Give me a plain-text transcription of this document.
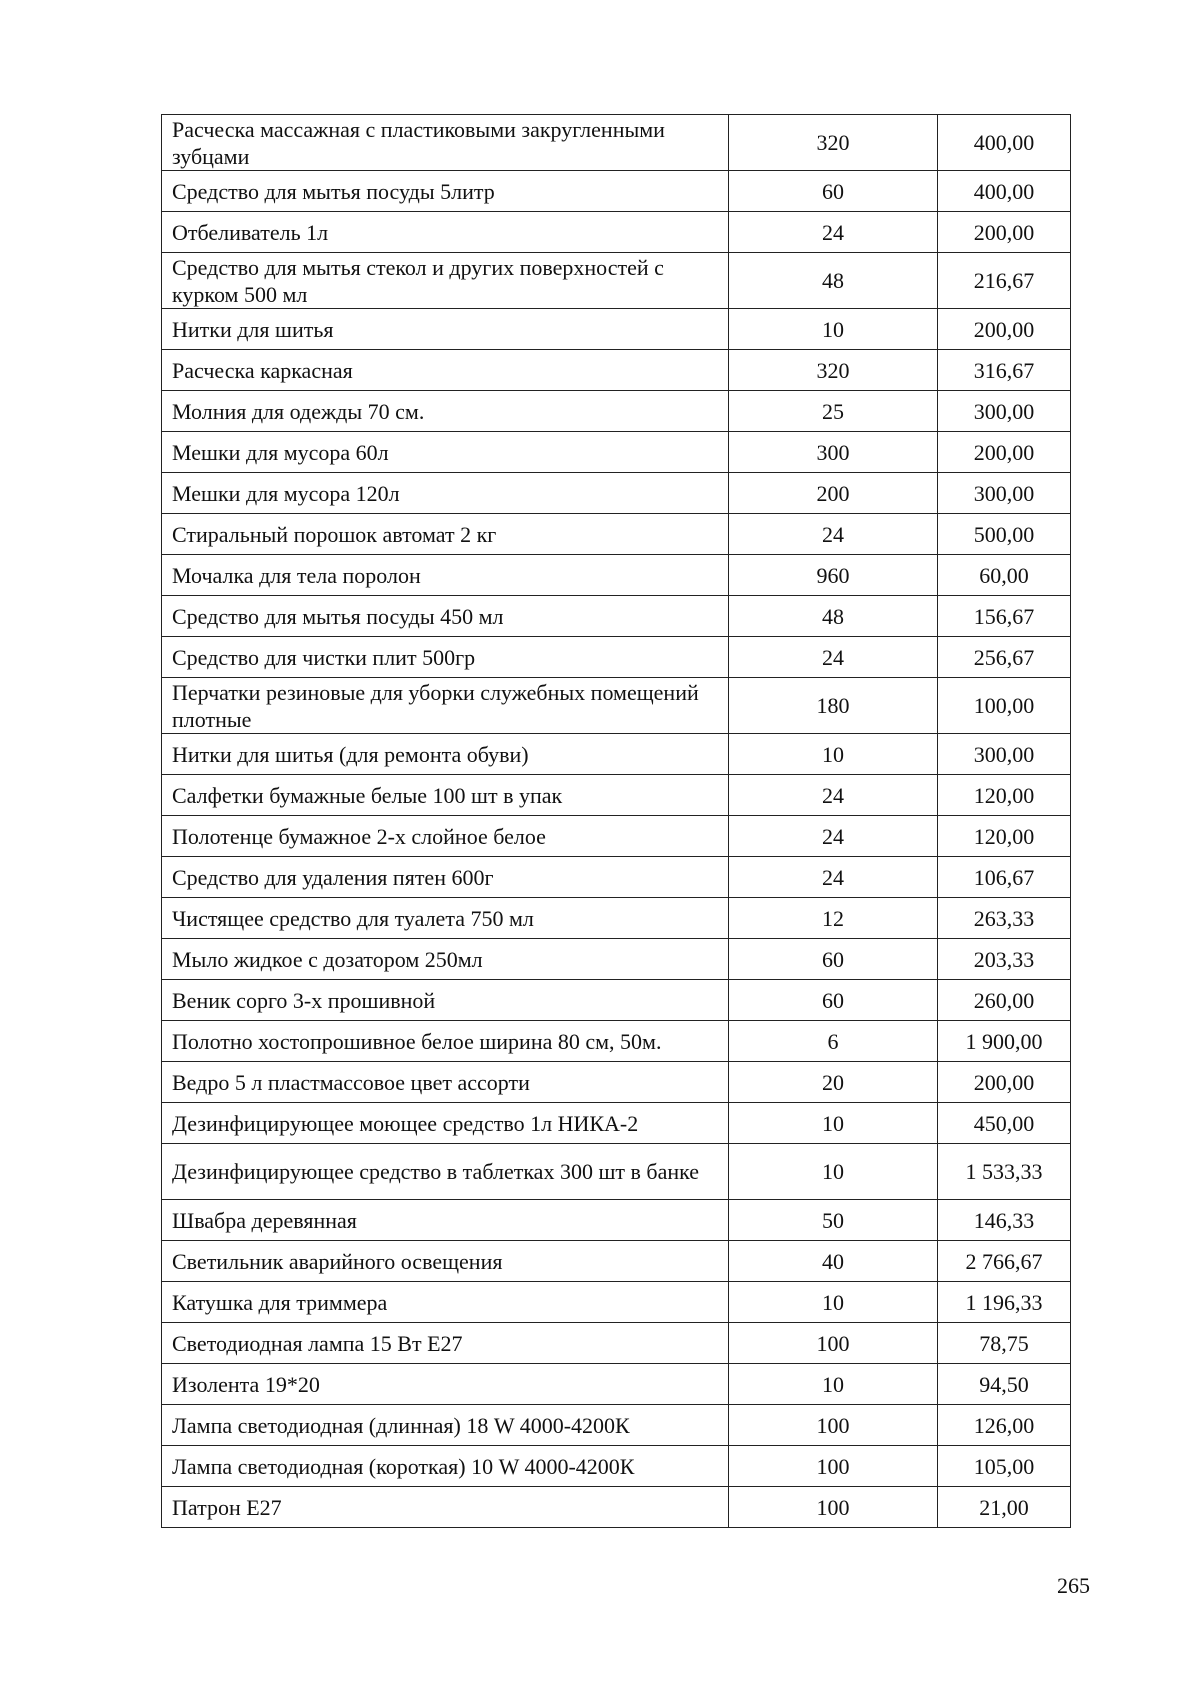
Расческа массажная с пластиковыми закругленными зубцами	320	400,00
Средство для мытья посуды 5литр	60	400,00
Отбеливатель 1л	24	200,00
Средство для мытья стекол и других поверхностей с курком 500 мл	48	216,67
Нитки для шитья	10	200,00
Расческа каркасная	320	316,67
Молния для одежды 70 см.	25	300,00
Мешки для мусора 60л	300	200,00
Мешки для мусора 120л	200	300,00
Стиральный порошок автомат 2 кг	24	500,00
Мочалка для тела поролон	960	60,00
Средство для мытья посуды 450 мл	48	156,67
Средство для чистки плит 500гр	24	256,67
Перчатки резиновые для уборки служебных помещений плотные	180	100,00
Нитки для шитья (для ремонта обуви)	10	300,00
Салфетки бумажные белые 100 шт в упак	24	120,00
Полотенце бумажное 2-х слойное белое	24	120,00
Средство для удаления пятен 600г	24	106,67
Чистящее средство для туалета 750 мл	12	263,33
Мыло жидкое с дозатором 250мл	60	203,33
Веник сорго 3-х прошивной	60	260,00
Полотно хостопрошивное белое ширина 80 см, 50м.	6	1 900,00
Ведро 5 л пластмассовое цвет ассорти	20	200,00
Дезинфицирующее моющее средство 1л НИКА-2	10	450,00
Дезинфицирующее средство в таблетках 300 шт в банке	10	1 533,33
Швабра деревянная	50	146,33
Светильник аварийного освещения	40	2 766,67
Катушка для триммера	10	1 196,33
Светодиодная лампа 15 Вт Е27	100	78,75
Изолента 19*20	10	94,50
Лампа светодиодная (длинная) 18 W 4000-4200К	100	126,00
Лампа светодиодная (короткая) 10 W 4000-4200К	100	105,00
Патрон Е27	100	21,00
265
